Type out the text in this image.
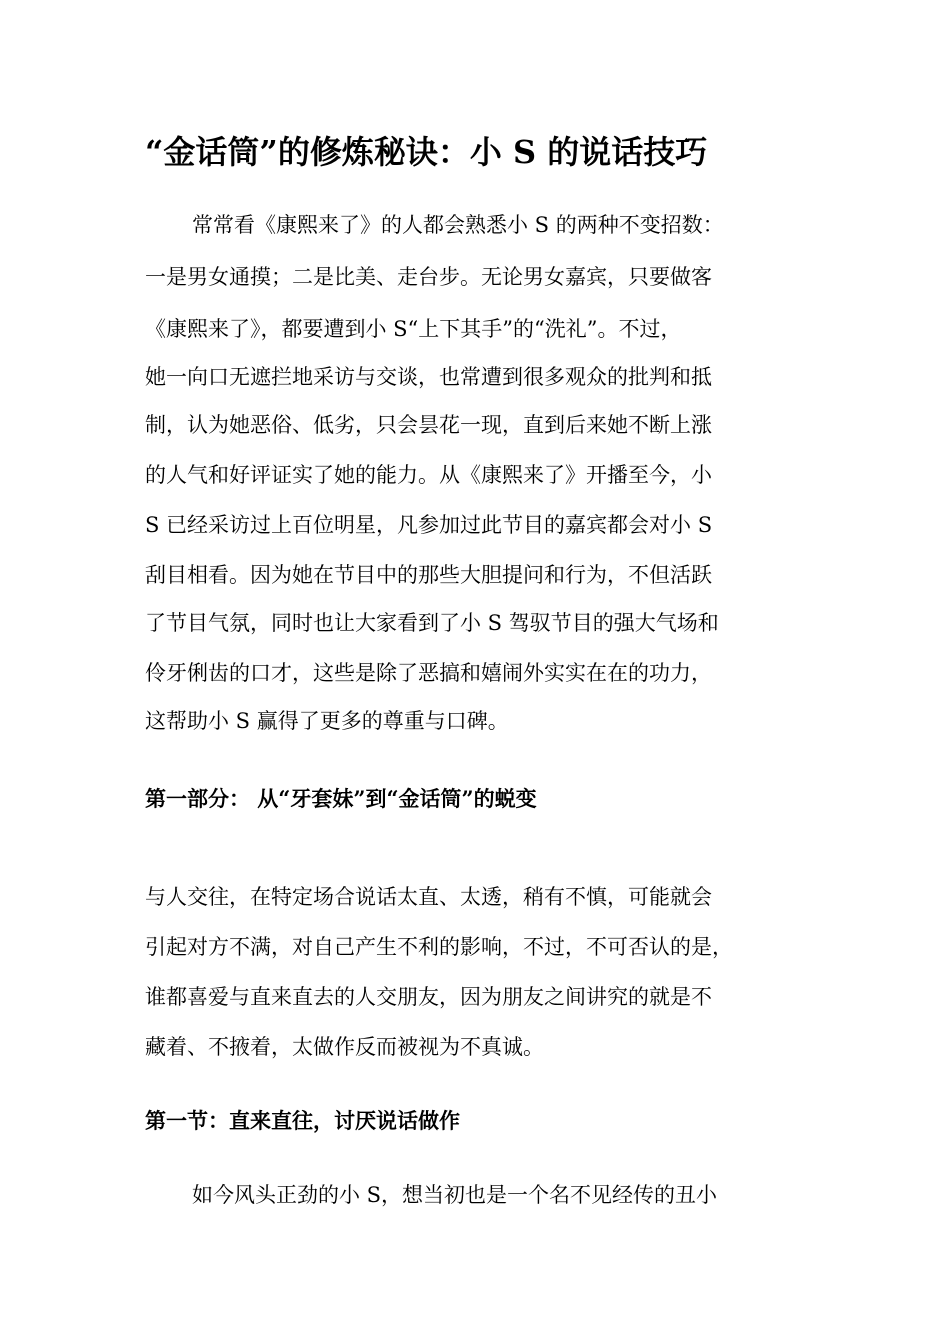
“金话筒”的修炼秘诀：小 S 的说话技巧

常常看《康熙来了》的人都会熟悉小 S 的两种不变招数：

一是男女通摸；二是比美、走台步。无论男女嘉宾，只要做客

《康熙来了》，都要遭到小 S“上下其手”的“洗礼”。不过，

她一向口无遮拦地采访与交谈，也常遭到很多观众的批判和抵

制，认为她恶俗、低劣，只会昙花一现，直到后来她不断上涨

的人气和好评证实了她的能力。从《康熙来了》开播至今，小

S 已经采访过上百位明星，凡参加过此节目的嘉宾都会对小 S

刮目相看。因为她在节目中的那些大胆提问和行为，不但活跃

了节目气氛，同时也让大家看到了小 S 驾驭节目的强大气场和

伶牙俐齿的口才，这些是除了恶搞和嬉闹外实实在在的功力，

这帮助小 S 赢得了更多的尊重与口碑。

第一部分： 从“牙套妹”到“金话筒”的蜕变

与人交往，在特定场合说话太直、太透，稍有不慎，可能就会

引起对方不满，对自己产生不利的影响，不过，不可否认的是，

谁都喜爱与直来直去的人交朋友，因为朋友之间讲究的就是不

藏着、不掖着，太做作反而被视为不真诚。

第一节：直来直往，讨厌说话做作

如今风头正劲的小 S，想当初也是一个名不见经传的丑小
